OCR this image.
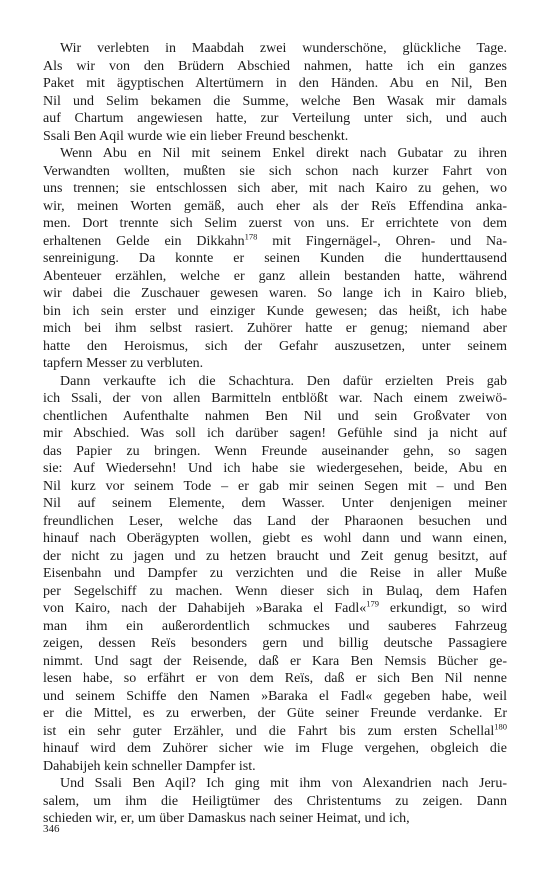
Wir verlebten in Maabdah zwei wunderschöne, glückliche Tage.
Als wir von den Brüdern Abschied nahmen, hatte ich ein ganzes
Paket mit ägyptischen Altertümern in den Händen. Abu en Nil, Ben
Nil und Selim bekamen die Summe, welche Ben Wasak mir damals
auf Chartum angewiesen hatte, zur Verteilung unter sich, und auch
Ssali Ben Aqil wurde wie ein lieber Freund beschenkt.
Wenn Abu en Nil mit seinem Enkel direkt nach Gubatar zu ihren
Verwandten wollten, mußten sie sich schon nach kurzer Fahrt von
uns trennen; sie entschlossen sich aber, mit nach Kairo zu gehen, wo
wir, meinen Worten gemäß, auch eher als der Reïs Effendina anka-
men. Dort trennte sich Selim zuerst von uns. Er errichtete von dem
erhaltenen Gelde ein Dikkahn$^{178}$ mit Fingernägel-, Ohren- und Na-
senreinigung. Da konnte er seinen Kunden die hunderttausend
Abenteuer erzählen, welche er ganz allein bestanden hatte, während
wir dabei die Zuschauer gewesen waren. So lange ich in Kairo blieb,
bin ich sein erster und einziger Kunde gewesen; das heißt, ich habe
mich bei ihm selbst rasiert. Zuhörer hatte er genug; niemand aber
hatte den Heroismus, sich der Gefahr auszusetzen, unter seinem
tapfern Messer zu verbluten.
Dann verkaufte ich die Schachtura. Den dafür erzielten Preis gab
ich Ssali, der von allen Barmitteln entblößt war. Nach einem zweiwö-
chentlichen Aufenthalte nahmen Ben Nil und sein Großvater von
mir Abschied. Was soll ich darüber sagen! Gefühle sind ja nicht auf
das Papier zu bringen. Wenn Freunde auseinander gehn, so sagen
sie: Auf Wiedersehn! Und ich habe sie wiedergesehen, beide, Abu en
Nil kurz vor seinem Tode – er gab mir seinen Segen mit – und Ben
Nil auf seinem Elemente, dem Wasser. Unter denjenigen meiner
freundlichen Leser, welche das Land der Pharaonen besuchen und
hinauf nach Oberägypten wollen, giebt es wohl dann und wann einen,
der nicht zu jagen und zu hetzen braucht und Zeit genug besitzt, auf
Eisenbahn und Dampfer zu verzichten und die Reise in aller Muße
per Segelschiff zu machen. Wenn dieser sich in Bulaq, dem Hafen
von Kairo, nach der Dahabijeh »Baraka el Fadl«$^{179}$ erkundigt, so wird
man ihm ein außerordentlich schmuckes und sauberes Fahrzeug
zeigen, dessen Reïs besonders gern und billig deutsche Passagiere
nimmt. Und sagt der Reisende, daß er Kara Ben Nemsis Bücher ge-
lesen habe, so erfährt er von dem Reïs, daß er sich Ben Nil nenne
und seinem Schiffe den Namen »Baraka el Fadl« gegeben habe, weil
er die Mittel, es zu erwerben, der Güte seiner Freunde verdanke. Er
ist ein sehr guter Erzähler, und die Fahrt bis zum ersten Schellal$^{180}$
hinauf wird dem Zuhörer sicher wie im Fluge vergehen, obgleich die
Dahabijeh kein schneller Dampfer ist.
Und Ssali Ben Aqil? Ich ging mit ihm von Alexandrien nach Jeru-
salem, um ihm die Heiligtümer des Christentums zu zeigen. Dann
schieden wir, er, um über Damaskus nach seiner Heimat, und ich,
346
